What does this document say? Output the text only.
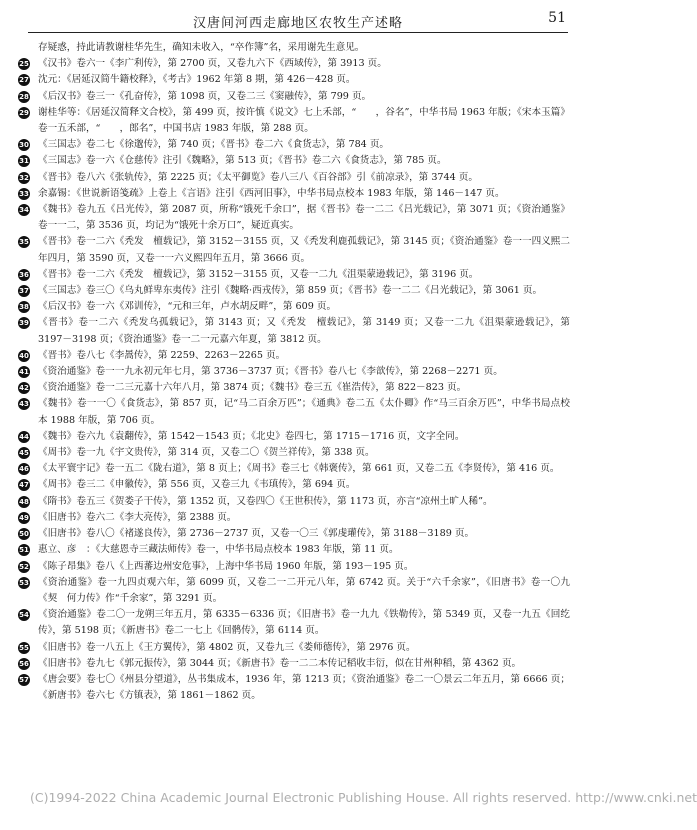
汉唐间河西走廊地区农牧生产述略	51
存疑惑，持此请教谢桂华先生，确知未收入，“卒作簿”名，采用谢先生意见。
25 《汉书》卷六一《李广利传》，第 2700 页，又卷九六下《西域传》，第 3913 页。
27 沈元：《居延汉简牛籍校释》，《考古》1962 年第 8 期，第 426－428 页。
28 《后汉书》卷三一《孔奋传》，第 1098 页，又卷二三《窦融传》，第 799 页。
29 谢桂华等：《居延汉简释文合校》，第 499 页，按许慎《说文》七上禾部，“　　，谷名”，中华书局 1963 年版；《宋本玉篇》卷一五禾部，“　　，郎名”，中国书店 1983 年版，第 288 页。
30 《三国志》卷二七《徐邈传》，第 740 页；《晋书》卷二六《食货志》，第 784 页。
31 《三国志》卷一六《仓慈传》注引《魏略》，第 513 页；《晋书》卷二六《食货志》，第 785 页。
32 《晋书》卷八六《张轨传》，第 2225 页；《太平御览》卷八三八《百谷部》引《前凉录》，第 3744 页。
33 余嘉锡：《世说新语笺疏》上卷上《言语》注引《西河旧事》，中华书局点校本 1983 年版，第 146－147 页。
34 《魏书》卷九五《吕光传》，第 2087 页，所称“饿死千余口”，据《晋书》卷一二二《吕光载记》，第 3071 页；《资治通鉴》卷一一二，第 3536 页，均记为“饿死十余万口”，疑近真实。
35 《晋书》卷一二六《秃发　檀载记》，第 3152－3155 页，又《秃发利鹿孤载记》，第 3145 页；《资治通鉴》卷一一四义熙二年四月，第 3590 页，又卷一一六义熙四年五月，第 3666 页。
36 《晋书》卷一二六《秃发　檀载记》，第 3152－3155 页，又卷一二九《沮渠蒙逊载记》，第 3196 页。
37 《三国志》卷三〇《乌丸鲜卑东夷传》注引《魏略·西戎传》，第 859 页；《晋书》卷一二二《吕光载记》，第 3061 页。
38 《后汉书》卷一六《邓训传》，“元和三年，卢水胡反畔”，第 609 页。
39 《晋书》卷一二六《秃发乌孤载记》，第 3143 页；又《秃发　檀载记》，第 3149 页；又卷一二九《沮渠蒙逊载记》，第 3197－3198 页；《资治通鉴》卷一二一元嘉六年夏，第 3812 页。
40 《晋书》卷八七《李暠传》，第 2259、2263－2265 页。
41 《资治通鉴》卷一一九永初元年七月，第 3736－3737 页；《晋书》卷八七《李歆传》，第 2268－2271 页。
42 《资治通鉴》卷一二三元嘉十六年八月，第 3874 页；《魏书》卷三五《崔浩传》，第 822－823 页。
43 《魏书》卷一一〇《食货志》，第 857 页，记“马二百余万匹”；《通典》卷二五《太仆卿》作“马三百余万匹”，中华书局点校本 1988 年版，第 706 页。
44 《魏书》卷六九《袁翻传》，第 1542－1543 页；《北史》卷四七，第 1715－1716 页，文字全同。
45 《周书》卷一九《宇文贵传》，第 314 页，又卷二〇《贺兰祥传》，第 338 页。
46 《太平寰宇记》卷一五二《陇右道》，第 8 页上；《周书》卷三七《韩褒传》，第 661 页，又卷二五《李贤传》，第 416 页。
47 《周书》卷三二《申徽传》，第 556 页，又卷三九《韦瑱传》，第 694 页。
48 《隋书》卷五三《贺娄子干传》，第 1352 页，又卷四〇《王世积传》，第 1173 页，亦言“凉州土旷人稀”。
49 《旧唐书》卷六二《李大亮传》，第 2388 页。
50 《旧唐书》卷八〇《褚遂良传》，第 2736－2737 页，又卷一〇三《郭虔瓘传》，第 3188－3189 页。
51 惠立、彦　：《大慈恩寺三藏法师传》卷一，中华书局点校本 1983 年版，第 11 页。
52 《陈子昂集》卷八《上西蕃边州安危事》，上海中华书局 1960 年版，第 193－195 页。
53 《资治通鉴》卷一九四贞观六年，第 6099 页，又卷二一二开元八年，第 6742 页。关于“六千余家”，《旧唐书》卷一〇九《契　何力传》作“千余家”，第 3291 页。
54 《资治通鉴》卷二〇一龙朔三年五月，第 6335－6336 页；《旧唐书》卷一九九《铁勒传》，第 5349 页，又卷一九五《回纥传》，第 5198 页；《新唐书》卷二一七上《回鹘传》，第 6114 页。
55 《旧唐书》卷一八五上《王方翼传》，第 4802 页，又卷九三《娄师德传》，第 2976 页。
56 《旧唐书》卷九七《郭元振传》，第 3044 页；《新唐书》卷一二二本传记稻收丰衍，似在甘州种稻，第 4362 页。
57 《唐会要》卷七〇《州县分望道》，丛书集成本，1936 年，第 1213 页；《资治通鉴》卷二一〇景云二年五月，第 6666 页；《新唐书》卷六七《方镇表》，第 1861－1862 页。
(C)1994-2022 China Academic Journal Electronic Publishing House. All rights reserved. http://www.cnki.net
